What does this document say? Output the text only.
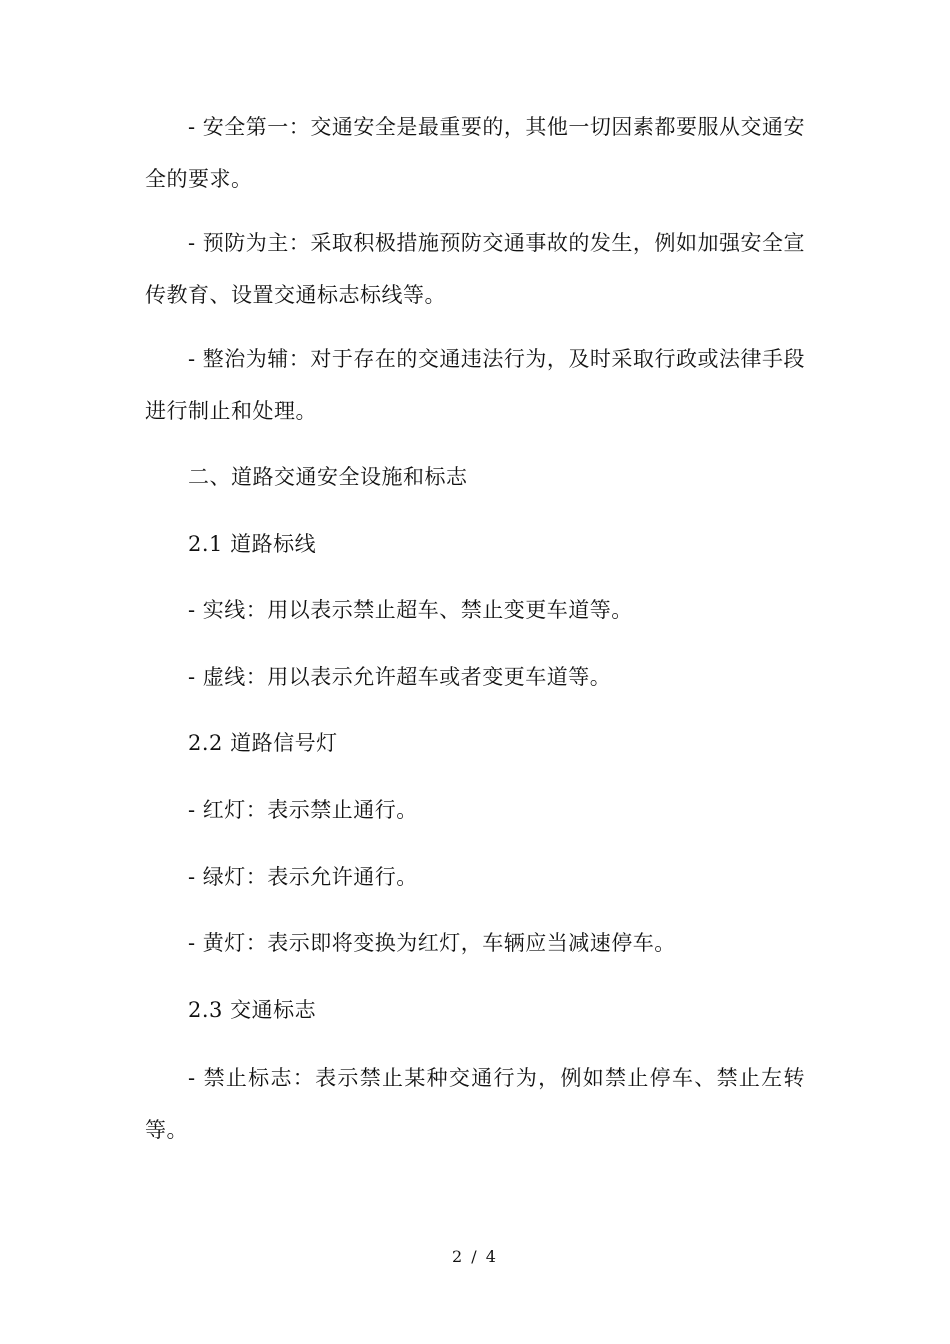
- 安全第一：交通安全是最重要的，其他一切因素都要服从交通安全的要求。

- 预防为主：采取积极措施预防交通事故的发生，例如加强安全宣传教育、设置交通标志标线等。

- 整治为辅：对于存在的交通违法行为，及时采取行政或法律手段进行制止和处理。

二、道路交通安全设施和标志

2.1 道路标线

- 实线：用以表示禁止超车、禁止变更车道等。

- 虚线：用以表示允许超车或者变更车道等。

2.2 道路信号灯

- 红灯：表示禁止通行。

- 绿灯：表示允许通行。

- 黄灯：表示即将变换为红灯，车辆应当减速停车。

2.3 交通标志

- 禁止标志：表示禁止某种交通行为，例如禁止停车、禁止左转等。

2 / 4
